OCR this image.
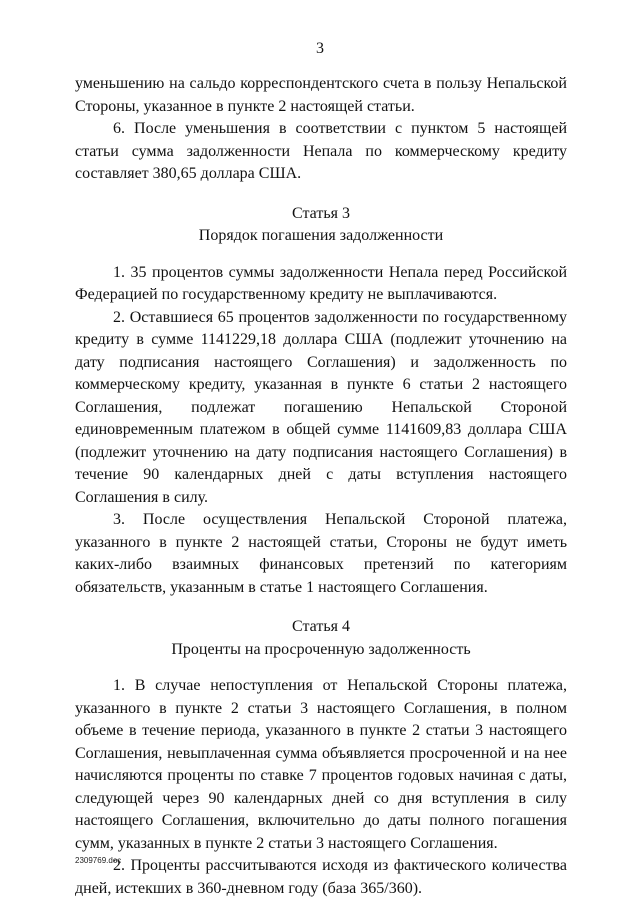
3

уменьшению на сальдо корреспондентского счета в пользу Непальской Стороны, указанное в пункте 2 настоящей статьи.

6. После уменьшения в соответствии с пунктом 5 настоящей статьи сумма задолженности Непала по коммерческому кредиту составляет 380,65 доллара США.

Статья 3

Порядок погашения задолженности

1. 35 процентов суммы задолженности Непала перед Российской Федерацией по государственному кредиту не выплачиваются.

2. Оставшиеся 65 процентов задолженности по государственному кредиту в сумме 1141229,18 доллара США (подлежит уточнению на дату подписания настоящего Соглашения) и задолженность по коммерческому кредиту, указанная в пункте 6 статьи 2 настоящего Соглашения, подлежат погашению Непальской Стороной единовременным платежом в общей сумме 1141609,83 доллара США (подлежит уточнению на дату подписания настоящего Соглашения) в течение 90 календарных дней с даты вступления настоящего Соглашения в силу.

3. После осуществления Непальской Стороной платежа, указанного в пункте 2 настоящей статьи, Стороны не будут иметь каких-либо взаимных финансовых претензий по категориям обязательств, указанным в статье 1 настоящего Соглашения.

Статья 4

Проценты на просроченную задолженность

1. В случае непоступления от Непальской Стороны платежа, указанного в пункте 2 статьи 3 настоящего Соглашения, в полном объеме в течение периода, указанного в пункте 2 статьи 3 настоящего Соглашения, невыплаченная сумма объявляется просроченной и на нее начисляются проценты по ставке 7 процентов годовых начиная с даты, следующей через 90 календарных дней со дня вступления в силу настоящего Соглашения, включительно до даты полного погашения сумм, указанных в пункте 2 статьи 3 настоящего Соглашения.

2. Проценты рассчитываются исходя из фактического количества дней, истекших в 360-дневном году (база 365/360).

2309769.doc
